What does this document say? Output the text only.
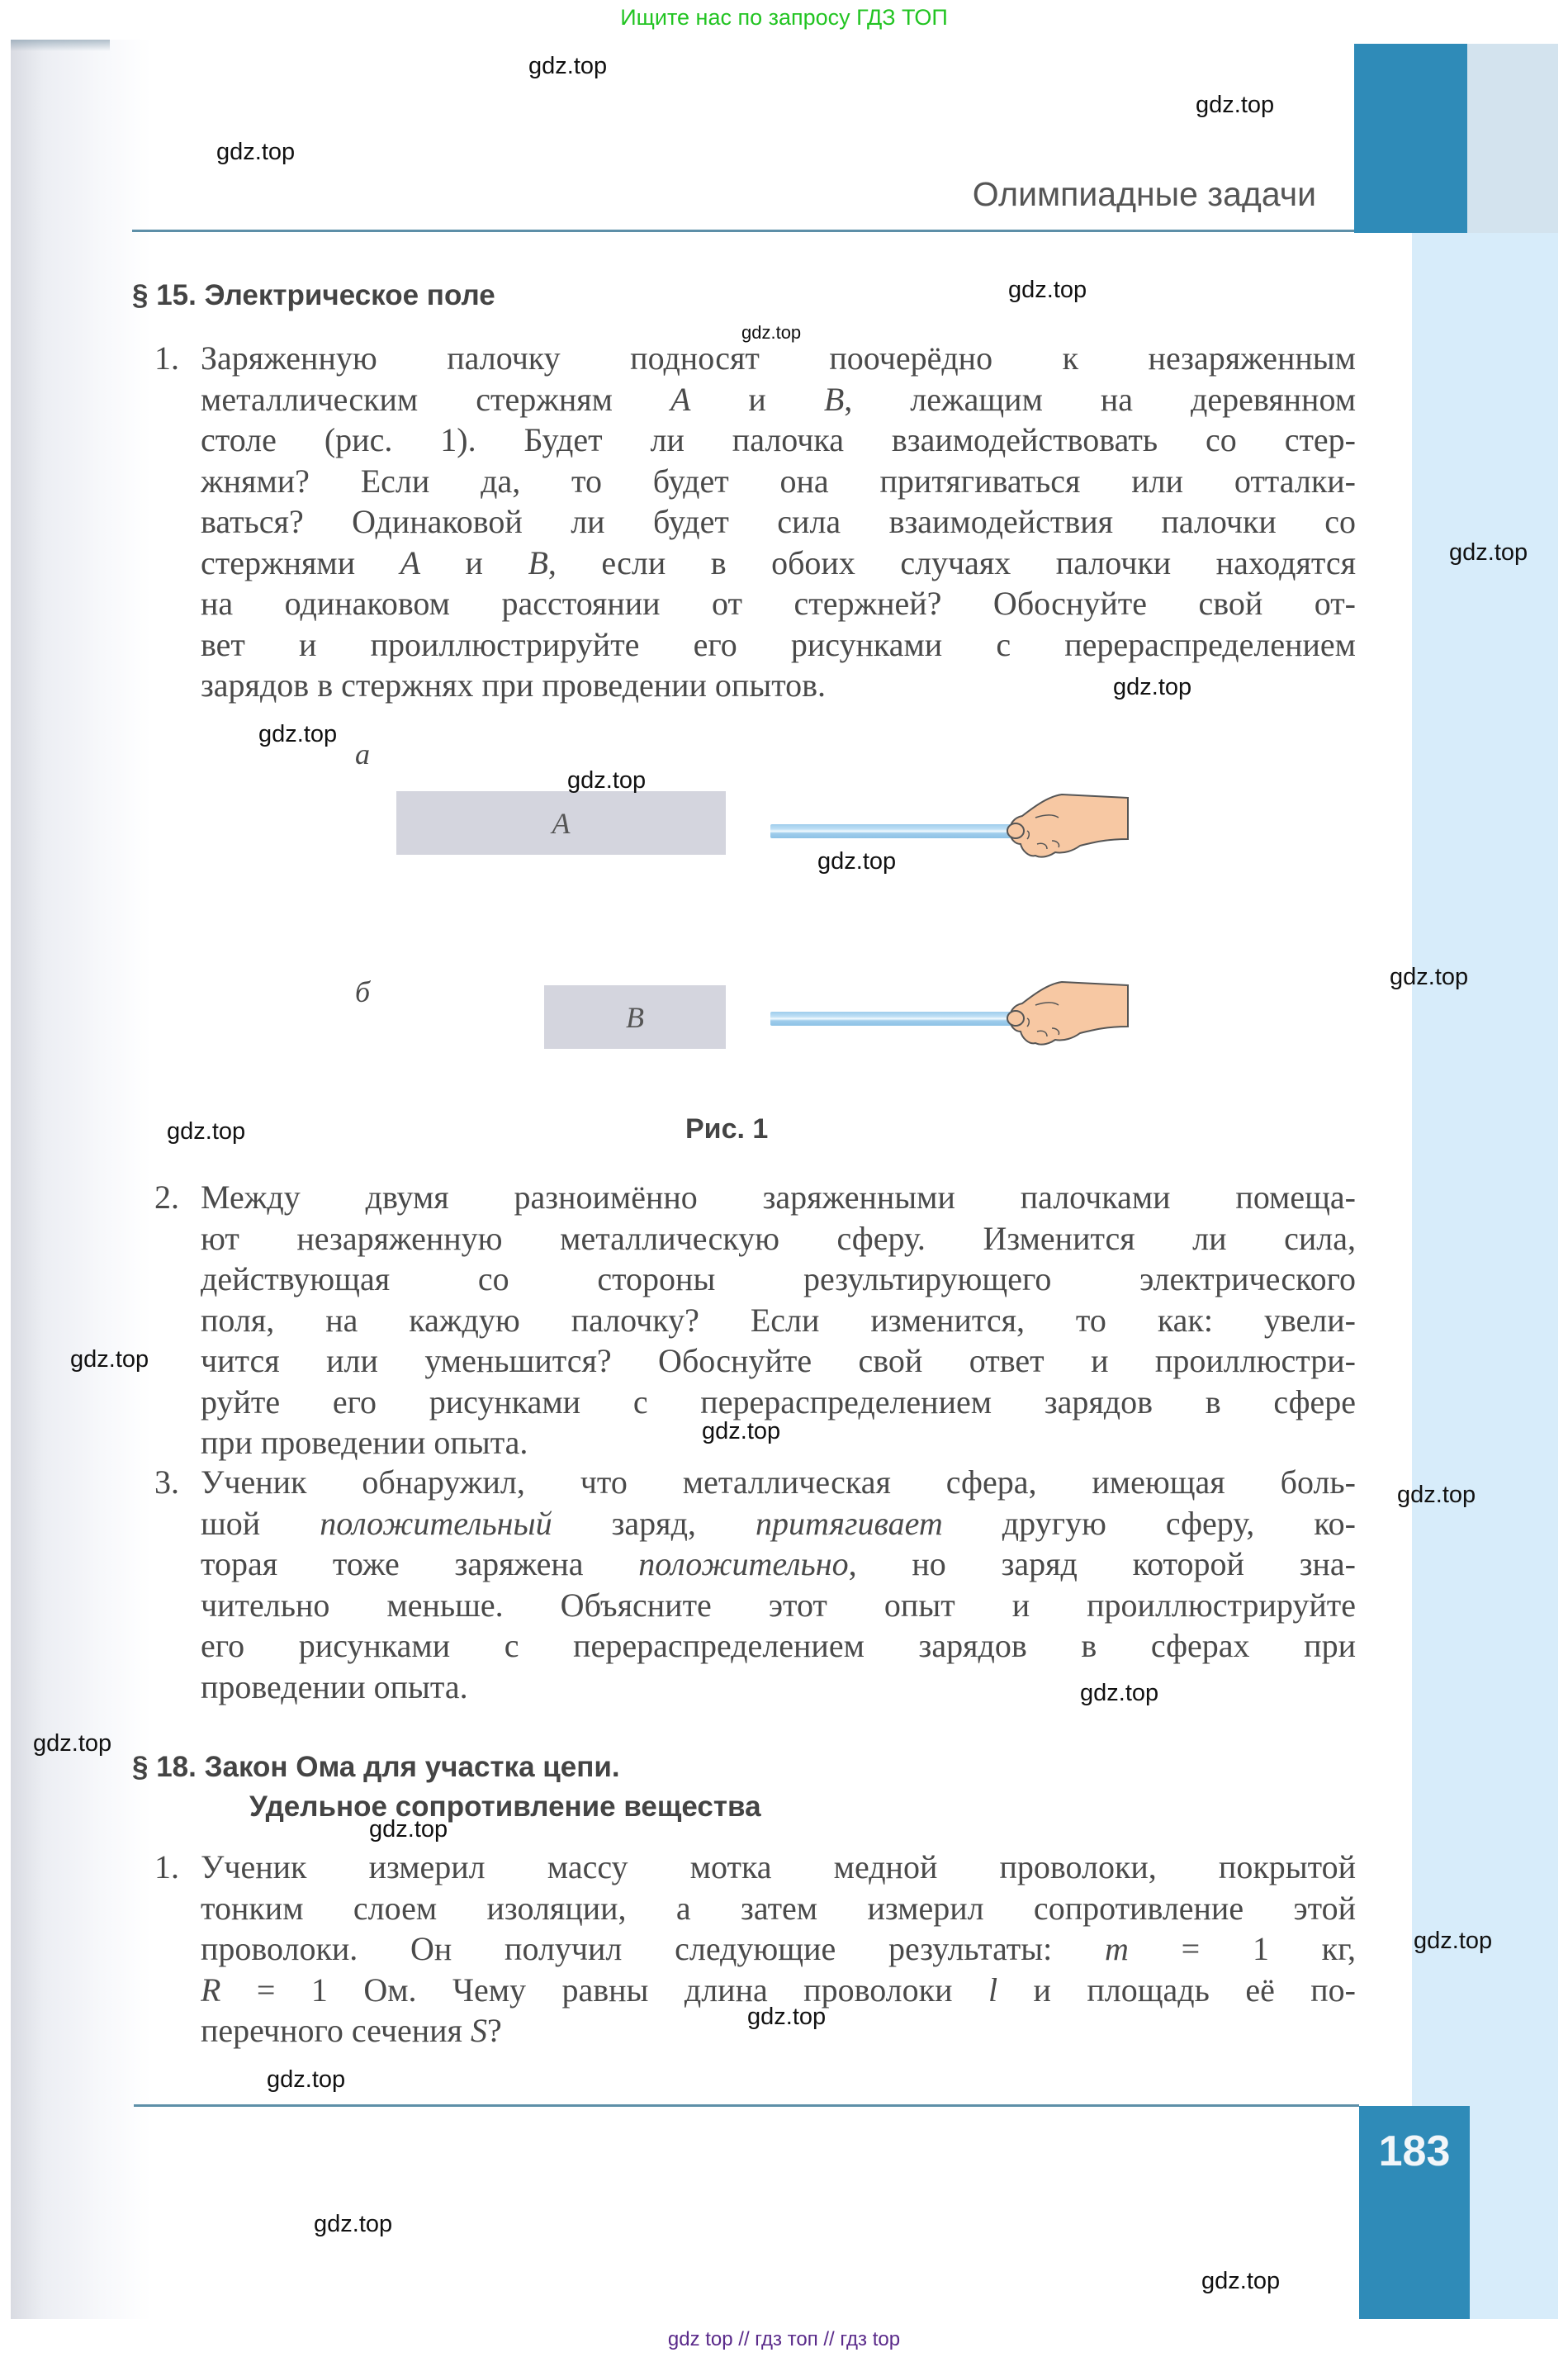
Ищите нас по запросу ГДЗ ТОП
Олимпиадные задачи
183
§ 15. Электрическое поле
1. Заряженную палочку подносят поочерёдно к незаряженным
металлическим стержням A и B, лежащим на деревянном
столе (рис. 1). Будет ли палочка взаимодействовать со стер-
жнями? Если да, то будет она притягиваться или отталки-
ваться? Одинаковой ли будет сила взаимодействия палочки со
стержнями A и B, если в обоих случаях палочки находятся
на одинаковом расстоянии от стержней? Обоснуйте свой от-
вет и проиллюстрируйте его рисунками с перераспределением
зарядов в стержнях при проведении опытов.
2. Между двумя разноимённо заряженными палочками помеща-
ют незаряженную металлическую сферу. Изменится ли сила,
действующая со стороны результирующего электрического
поля, на каждую палочку? Если изменится, то как: увели-
чится или уменьшится? Обоснуйте свой ответ и проиллюстри-
руйте его рисунками с перераспределением зарядов в сфере
при проведении опыта.
3. Ученик обнаружил, что металлическая сфера, имеющая боль-
шой положительный заряд, притягивает другую сферу, ко-
торая тоже заряжена положительно, но заряд которой зна-
чительно меньше. Объясните этот опыт и проиллюстрируйте
его рисунками с перераспределением зарядов в сферах при
проведении опыта.
а
A
б
B
Рис. 1
§ 18. Закон Ома для участка цепи.
Удельное сопротивление вещества
1. Ученик измерил массу мотка медной проволоки, покрытой
тонким слоем изоляции, а затем измерил сопротивление этой
проволоки. Он получил следующие результаты: m = 1 кг,
R = 1 Ом. Чему равны длина проволоки l и площадь её по-
перечного сечения S?
gdz.top
gdz.top
gdz.top
gdz.top
gdz.top
gdz.top
gdz.top
gdz.top
gdz.top
gdz.top
gdz.top
gdz.top
gdz.top
gdz.top
gdz.top
gdz.top
gdz.top
gdz.top
gdz.top
gdz.top
gdz.top
gdz.top
gdz.top
gdz top // гдз топ // гдз top
